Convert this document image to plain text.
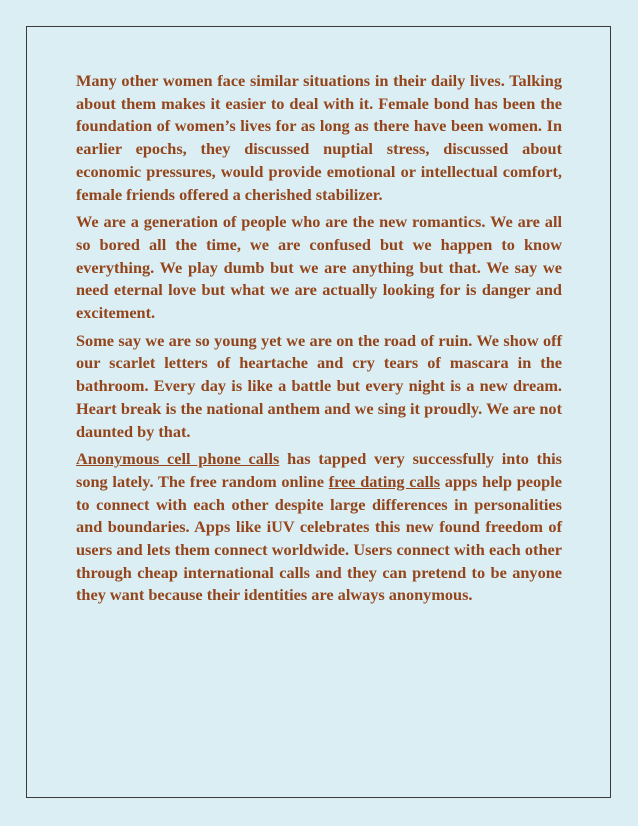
Many other women face similar situations in their daily lives. Talking about them makes it easier to deal with it. Female bond has been the foundation of women’s lives for as long as there have been women. In earlier epochs, they discussed nuptial stress, discussed about economic pressures, would provide emotional or intellectual comfort, female friends offered a cherished stabilizer.

We are a generation of people who are the new romantics. We are all so bored all the time, we are confused but we happen to know everything. We play dumb but we are anything but that. We say we need eternal love but what we are actually looking for is danger and excitement.

Some say we are so young yet we are on the road of ruin. We show off our scarlet letters of heartache and cry tears of mascara in the bathroom. Every day is like a battle but every night is a new dream. Heart break is the national anthem and we sing it proudly. We are not daunted by that.

Anonymous cell phone calls has tapped very successfully into this song lately. The free random online free dating calls apps help people to connect with each other despite large differences in personalities and boundaries. Apps like iUV celebrates this new found freedom of users and lets them connect worldwide. Users connect with each other through cheap international calls and they can pretend to be anyone they want because their identities are always anonymous.
